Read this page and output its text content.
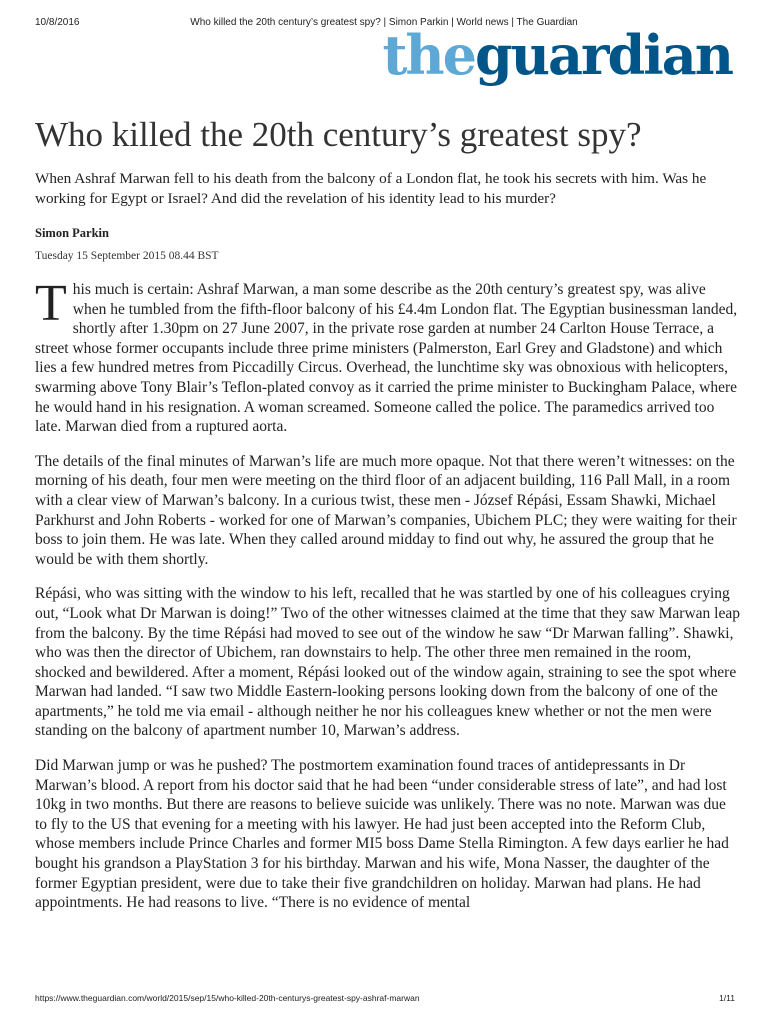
10/8/2016	Who killed the 20th century’s greatest spy? | Simon Parkin | World news | The Guardian
theguardian
Who killed the 20th century’s greatest spy?

When Ashraf Marwan fell to his death from the balcony of a London flat, he took his secrets with him. Was he working for Egypt or Israel? And did the revelation of his identity lead to his murder?

Simon Parkin
Tuesday 15 September 2015 08.44 BST

This much is certain: Ashraf Marwan, a man some describe as the 20th century’s greatest spy, was alive when he tumbled from the fifth-floor balcony of his £4.4m London flat. The Egyptian businessman landed, shortly after 1.30pm on 27 June 2007, in the private rose garden at number 24 Carlton House Terrace, a street whose former occupants include three prime ministers (Palmerston, Earl Grey and Gladstone) and which lies a few hundred metres from Piccadilly Circus. Overhead, the lunchtime sky was obnoxious with helicopters, swarming above Tony Blair’s Teflon-plated convoy as it carried the prime minister to Buckingham Palace, where he would hand in his resignation. A woman screamed. Someone called the police. The paramedics arrived too late. Marwan died from a ruptured aorta.

The details of the final minutes of Marwan’s life are much more opaque. Not that there weren’t witnesses: on the morning of his death, four men were meeting on the third floor of an adjacent building, 116 Pall Mall, in a room with a clear view of Marwan’s balcony. In a curious twist, these men - József Répási, Essam Shawki, Michael Parkhurst and John Roberts - worked for one of Marwan’s companies, Ubichem PLC; they were waiting for their boss to join them. He was late. When they called around midday to find out why, he assured the group that he would be with them shortly.

Répási, who was sitting with the window to his left, recalled that he was startled by one of his colleagues crying out, “Look what Dr Marwan is doing!” Two of the other witnesses claimed at the time that they saw Marwan leap from the balcony. By the time Répási had moved to see out of the window he saw “Dr Marwan falling”. Shawki, who was then the director of Ubichem, ran downstairs to help. The other three men remained in the room, shocked and bewildered. After a moment, Répási looked out of the window again, straining to see the spot where Marwan had landed. “I saw two Middle Eastern-looking persons looking down from the balcony of one of the apartments,” he told me via email - although neither he nor his colleagues knew whether or not the men were standing on the balcony of apartment number 10, Marwan’s address.

Did Marwan jump or was he pushed? The postmortem examination found traces of antidepressants in Dr Marwan’s blood. A report from his doctor said that he had been “under considerable stress of late”, and had lost 10kg in two months. But there are reasons to believe suicide was unlikely. There was no note. Marwan was due to fly to the US that evening for a meeting with his lawyer. He had just been accepted into the Reform Club, whose members include Prince Charles and former MI5 boss Dame Stella Rimington. A few days earlier he had bought his grandson a PlayStation 3 for his birthday. Marwan and his wife, Mona Nasser, the daughter of the former Egyptian president, were due to take their five grandchildren on holiday. Marwan had plans. He had appointments. He had reasons to live. “There is no evidence of mental

https://www.theguardian.com/world/2015/sep/15/who-killed-20th-centurys-greatest-spy-ashraf-marwan	1/11
